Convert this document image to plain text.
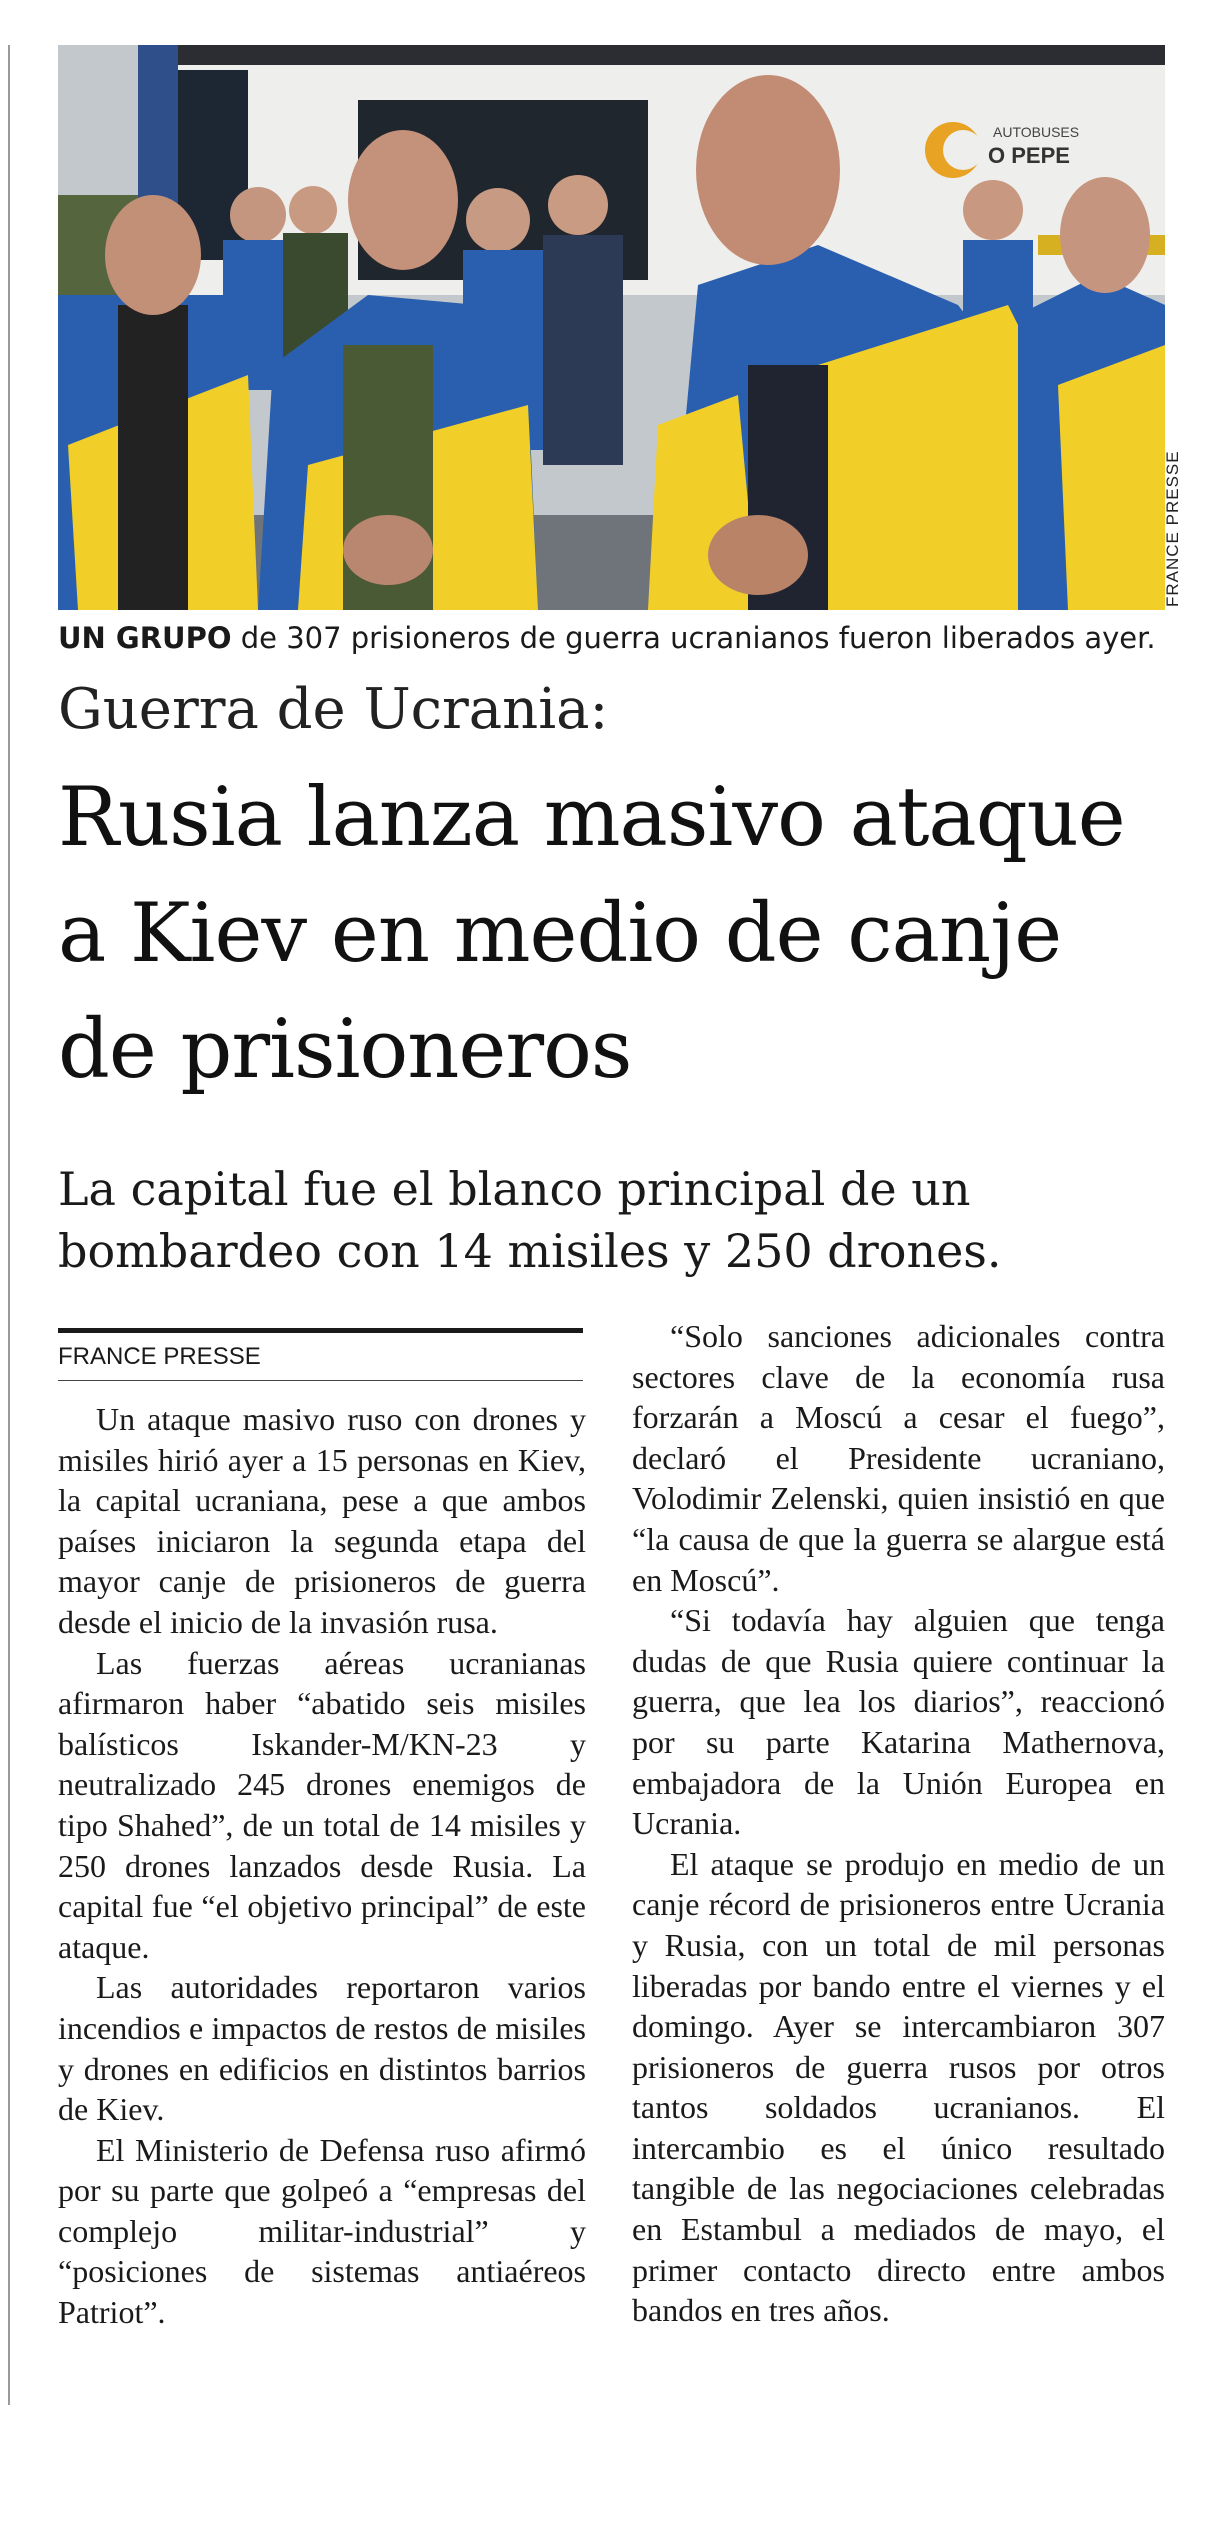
AUTOBUSES
O PEPE
FRANCE PRESSE
UN GRUPO de 307 prisioneros de guerra ucranianos fueron liberados ayer.
Guerra de Ucrania:
Rusia lanza masivo ataque a Kiev en medio de canje de prisioneros
La capital fue el blanco principal de un bombardeo con 14 misiles y 250 drones.
FRANCE PRESSE

Un ataque masivo ruso con drones y misiles hirió ayer a 15 personas en Kiev, la capital ucraniana, pese a que ambos países iniciaron la segunda etapa del mayor canje de prisioneros de guerra desde el inicio de la invasión rusa.

Las fuerzas aéreas ucranianas afirmaron haber “abatido seis misiles balísticos Iskander-M/KN-23 y neutralizado 245 drones enemigos de tipo Shahed”, de un total de 14 misiles y 250 drones lanzados desde Rusia. La capital fue “el objetivo principal” de este ataque.

Las autoridades reportaron varios incendios e impactos de restos de misiles y drones en edificios en distintos barrios de Kiev.

El Ministerio de Defensa ruso afirmó por su parte que golpeó a “empresas del complejo militar-industrial” y “posiciones de sistemas antiaéreos Patriot”.

“Solo sanciones adicionales contra sectores clave de la economía rusa forzarán a Moscú a cesar el fuego”, declaró el Presidente ucraniano, Volodimir Zelenski, quien insistió en que “la causa de que la guerra se alargue está en Moscú”.

“Si todavía hay alguien que tenga dudas de que Rusia quiere continuar la guerra, que lea los diarios”, reaccionó por su parte Katarina Mathernova, embajadora de la Unión Europea en Ucrania.

El ataque se produjo en medio de un canje récord de prisioneros entre Ucrania y Rusia, con un total de mil personas liberadas por bando entre el viernes y el domingo. Ayer se intercambiaron 307 prisioneros de guerra rusos por otros tantos soldados ucranianos. El intercambio es el único resultado tangible de las negociaciones celebradas en Estambul a mediados de mayo, el primer contacto directo entre ambos bandos en tres años.
